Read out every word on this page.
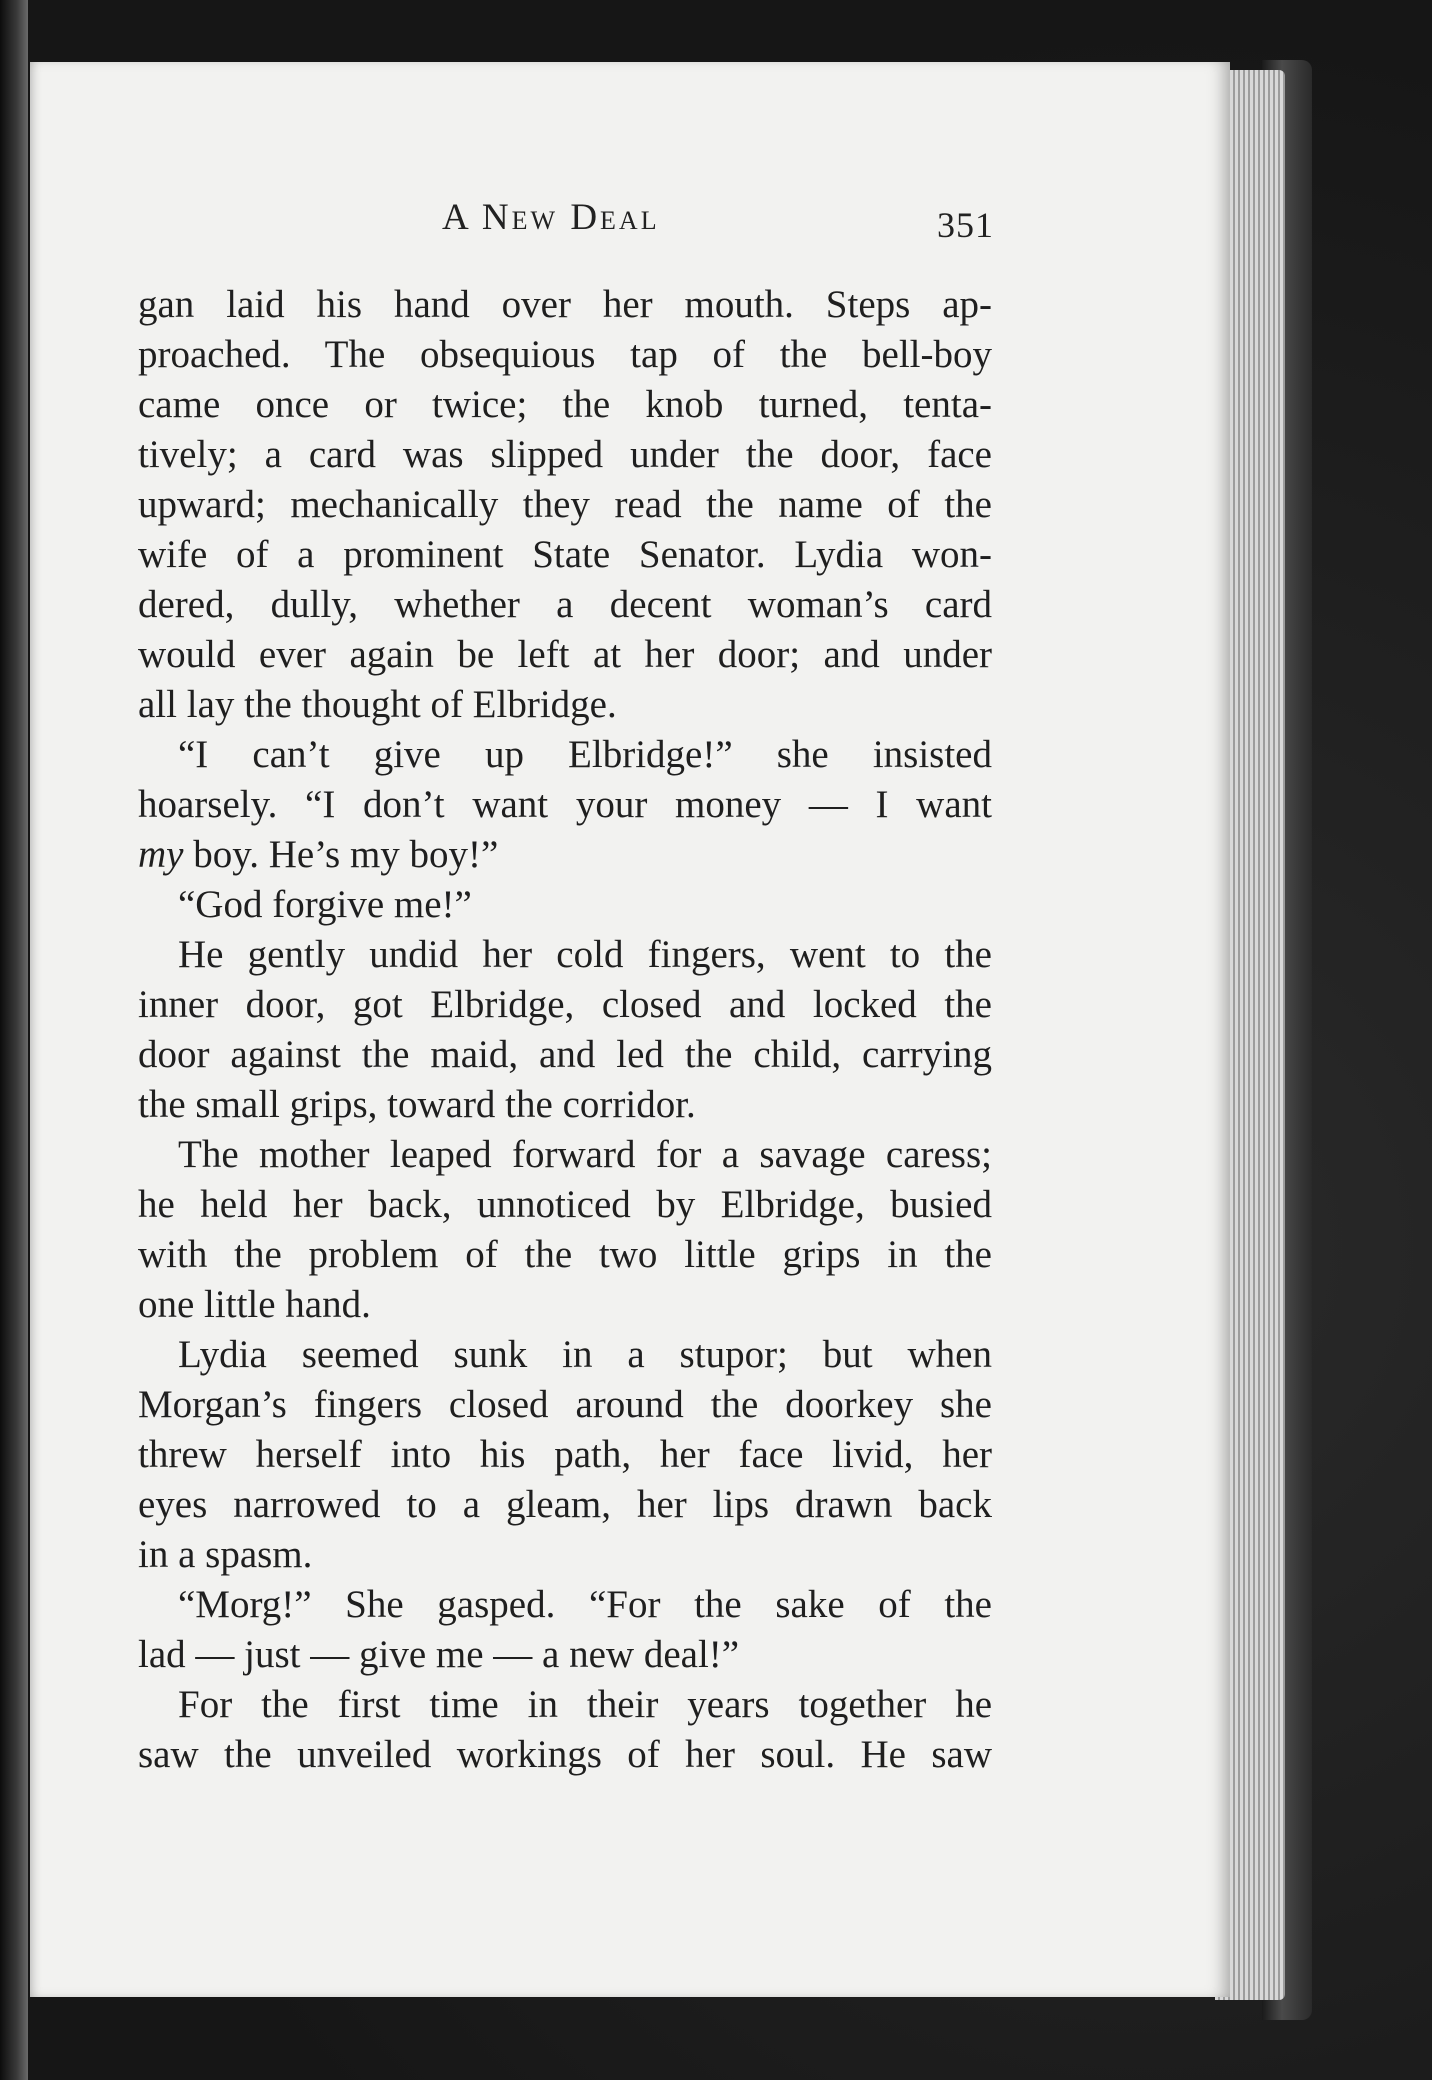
A New Deal	351
gan laid his hand over her mouth. Steps ap-
proached. The obsequious tap of the bell-boy
came once or twice; the knob turned, tenta-
tively; a card was slipped under the door, face
upward; mechanically they read the name of the
wife of a prominent State Senator. Lydia won-
dered, dully, whether a decent woman’s card
would ever again be left at her door; and under
all lay the thought of Elbridge.
“I can’t give up Elbridge!” she insisted
hoarsely. “I don’t want your money — I want
my boy. He’s my boy!”
“God forgive me!”
He gently undid her cold fingers, went to the
inner door, got Elbridge, closed and locked the
door against the maid, and led the child, carrying
the small grips, toward the corridor.
The mother leaped forward for a savage caress;
he held her back, unnoticed by Elbridge, busied
with the problem of the two little grips in the
one little hand.
Lydia seemed sunk in a stupor; but when
Morgan’s fingers closed around the doorkey she
threw herself into his path, her face livid, her
eyes narrowed to a gleam, her lips drawn back
in a spasm.
“Morg!” She gasped. “For the sake of the
lad — just — give me — a new deal!”
For the first time in their years together he
saw the unveiled workings of her soul. He saw
